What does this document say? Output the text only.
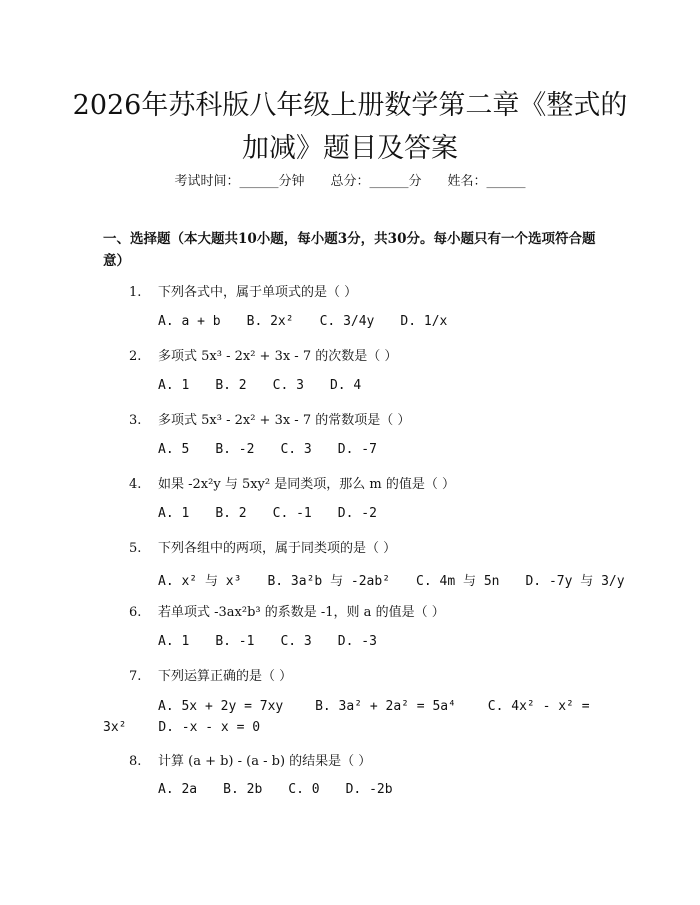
2026年苏科版八年级上册数学第二章《整式的加减》题目及答案
考试时间：______分钟 总分：______分 姓名：______
一、选择题（本大题共10小题，每小题3分，共30分。每小题只有一个选项符合题意）
1. 下列各式中，属于单项式的是（ ）
A. a + b B. 2x² C. 3/4y D. 1/x
2. 多项式 5x³ - 2x² + 3x - 7 的次数是（ ）
A. 1 B. 2 C. 3 D. 4
3. 多项式 5x³ - 2x² + 3x - 7 的常数项是（ ）
A. 5 B. -2 C. 3 D. -7
4. 如果 -2x²y 与 5xy² 是同类项，那么 m 的值是（ ）
A. 1 B. 2 C. -1 D. -2
5. 下列各组中的两项，属于同类项的是（ ）
A. x² 与 x³ B. 3a²b 与 -2ab² C. 4m 与 5n D. -7y 与 3/y
6. 若单项式 -3ax²b³ 的系数是 -1，则 a 的值是（ ）
A. 1 B. -1 C. 3 D. -3
7. 下列运算正确的是（ ）
A. 5x + 2y = 7xy B. 3a² + 2a² = 5a⁴ C. 4x² - x² = 3x² D. -x - x = 0
8. 计算 (a + b) - (a - b) 的结果是（ ）
A. 2a B. 2b C. 0 D. -2b
